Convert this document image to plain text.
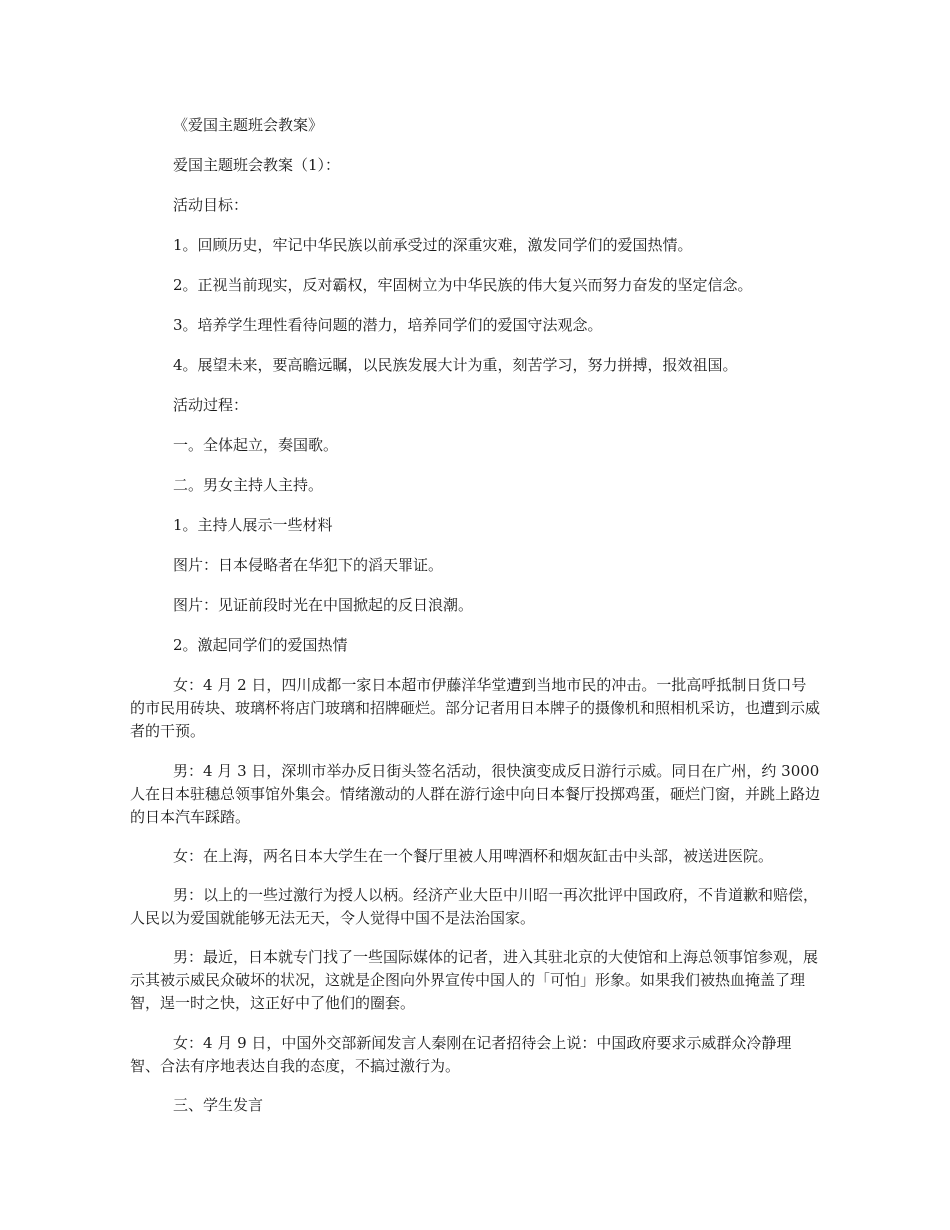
《爱国主题班会教案》

爱国主题班会教案（1）：

活动目标：

1。回顾历史，牢记中华民族以前承受过的深重灾难，激发同学们的爱国热情。

2。正视当前现实，反对霸权，牢固树立为中华民族的伟大复兴而努力奋发的坚定信念。

3。培养学生理性看待问题的潜力，培养同学们的爱国守法观念。

4。展望未来，要高瞻远瞩，以民族发展大计为重，刻苦学习，努力拼搏，报效祖国。

活动过程：

一。全体起立，奏国歌。

二。男女主持人主持。

1。主持人展示一些材料

图片：日本侵略者在华犯下的滔天罪证。

图片：见证前段时光在中国掀起的反日浪潮。

2。激起同学们的爱国热情

女：4 月 2 日，四川成都一家日本超市伊藤洋华堂遭到当地市民的冲击。一批高呼抵制日货口号的市民用砖块、玻璃杯将店门玻璃和招牌砸烂。部分记者用日本牌子的摄像机和照相机采访，也遭到示威者的干预。

男：4 月 3 日，深圳市举办反日街头签名活动，很快演变成反日游行示威。同日在广州，约 3000 人在日本驻穗总领事馆外集会。情绪激动的人群在游行途中向日本餐厅投掷鸡蛋，砸烂门窗，并跳上路边的日本汽车踩踏。

女：在上海，两名日本大学生在一个餐厅里被人用啤酒杯和烟灰缸击中头部，被送进医院。

男：以上的一些过激行为授人以柄。经济产业大臣中川昭一再次批评中国政府，不肯道歉和赔偿，人民以为爱国就能够无法无天，令人觉得中国不是法治国家。

男：最近，日本就专门找了一些国际媒体的记者，进入其驻北京的大使馆和上海总领事馆参观，展示其被示威民众破坏的状况，这就是企图向外界宣传中国人的「可怕」形象。如果我们被热血掩盖了理智，逞一时之快，这正好中了他们的圈套。

女：4 月 9 日，中国外交部新闻发言人秦刚在记者招待会上说：中国政府要求示威群众冷静理智、合法有序地表达自我的态度，不搞过激行为。

三、学生发言
